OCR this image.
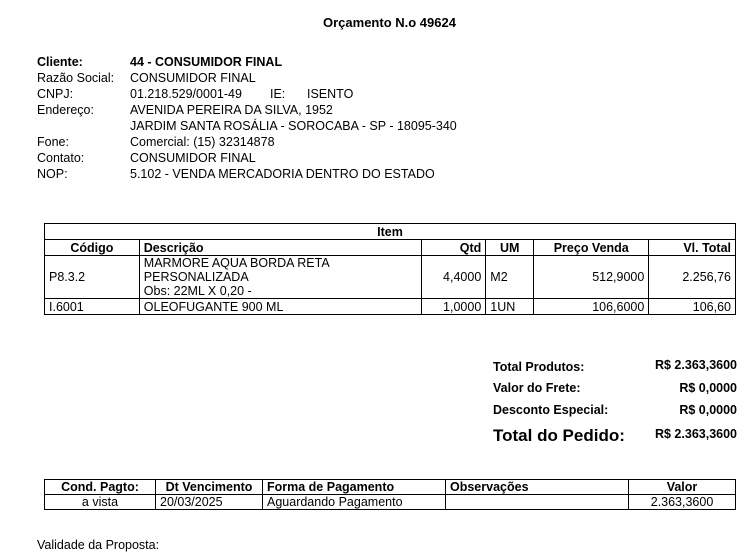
Orçamento N.o 49624
Cliente:	44 - CONSUMIDOR FINAL
Razão Social: CONSUMIDOR FINAL
CNPJ:	01.218.529/0001-49 IE: ISENTO
Endereço:	AVENIDA PEREIRA DA SILVA, 1952
JARDIM SANTA ROSÁLIA - SOROCABA - SP - 18095-340
Fone:	Comercial: (15) 32314878
Contato:	CONSUMIDOR FINAL
NOP:	5.102 - VENDA MERCADORIA DENTRO DO ESTADO
Item					
Código	Descrição	Qtd	UM	Preço Venda	Vl. Total
P8.3.2	MARMORE AQUA BORDA RETA
PERSONALIZADA
Obs: 22ML X 0,20 -	4,4000	M2	512,9000	2.256,76
I.6001	OLEOFUGANTE 900 ML	1,0000	1UN	106,6000	106,60
Total Produtos:	R$ 2.363,3600
Valor do Frete:	R$ 0,0000
Desconto Especial:	R$ 0,0000
Total do Pedido: R$ 2.363,3600
Cond. Pagto:	Dt Vencimento	Forma de Pagamento	Observações	Valor
a vista	20/03/2025	Aguardando Pagamento		2.363,3600
Validade da Proposta:
